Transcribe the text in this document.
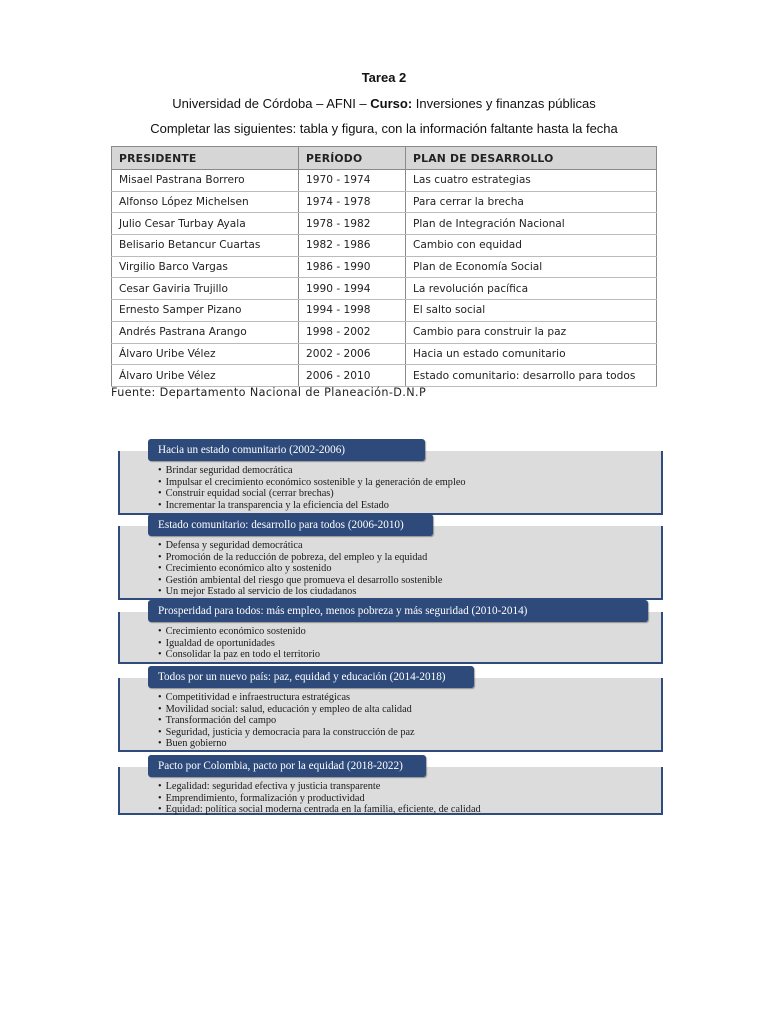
Tarea 2
Universidad de Córdoba – AFNI – Curso: Inversiones y finanzas públicas
Completar las siguientes: tabla y figura, con la información faltante hasta la fecha
PRESIDENTE	PERÍODO	PLAN DE DESARROLLO
Misael Pastrana Borrero	1970 - 1974	Las cuatro estrategias
Alfonso López Michelsen	1974 - 1978	Para cerrar la brecha
Julio Cesar Turbay Ayala	1978 - 1982	Plan de Integración Nacional
Belisario Betancur Cuartas	1982 - 1986	Cambio con equidad
Virgilio Barco Vargas	1986 - 1990	Plan de Economía Social
Cesar Gaviria Trujillo	1990 - 1994	La revolución pacífica
Ernesto Samper Pizano	1994 - 1998	El salto social
Andrés Pastrana Arango	1998 - 2002	Cambio para construir la paz
Álvaro Uribe Vélez	2002 - 2006	Hacia un estado comunitario
Álvaro Uribe Vélez	2006 - 2010	Estado comunitario: desarrollo para todos
Fuente: Departamento Nacional de Planeación-D.N.P
Hacia un estado comunitario (2002-2006)
• Brindar seguridad democrática
• Impulsar el crecimiento económico sostenible y la generación de empleo
• Construir equidad social (cerrar brechas)
• Incrementar la transparencia y la eficiencia del Estado
Estado comunitario: desarrollo para todos (2006-2010)
• Defensa y seguridad democrática
• Promoción de la reducción de pobreza, del empleo y la equidad
• Crecimiento económico alto y sostenido
• Gestión ambiental del riesgo que promueva el desarrollo sostenible
• Un mejor Estado al servicio de los ciudadanos
Prosperidad para todos: más empleo, menos pobreza y más seguridad (2010-2014)
• Crecimiento económico sostenido
• Igualdad de oportunidades
• Consolidar la paz en todo el territorio
Todos por un nuevo país: paz, equidad y educación (2014-2018)
• Competitividad e infraestructura estratégicas
• Movilidad social: salud, educación y empleo de alta calidad
• Transformación del campo
• Seguridad, justicia y democracia para la construcción de paz
• Buen gobierno
Pacto por Colombia, pacto por la equidad (2018-2022)
• Legalidad: seguridad efectiva y justicia transparente
• Emprendimiento, formalización y productividad
• Equidad: política social moderna centrada en la familia, eficiente, de calidad
